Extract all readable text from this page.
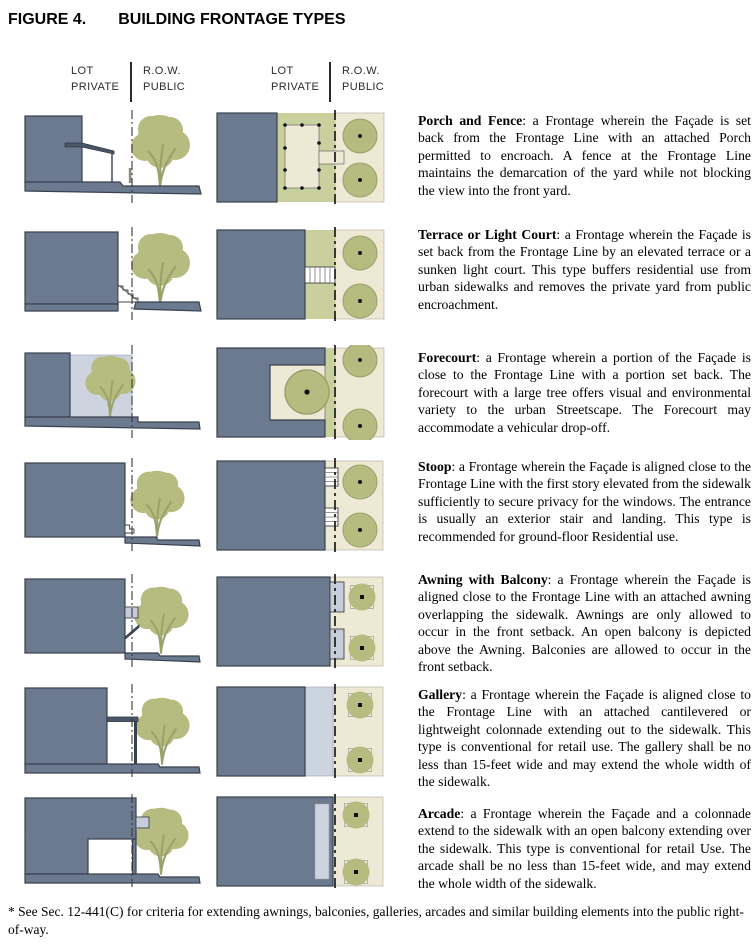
FIGURE 4. BUILDING FRONTAGE TYPES
LOT
PRIVATE
R.O.W.
PUBLIC
LOT
PRIVATE
R.O.W.
PUBLIC

Porch and Fence: a Frontage wherein the Façade is set back from the Frontage Line with an attached Porch permitted to encroach. A fence at the Frontage Line maintains the demarcation of the yard while not blocking the view into the front yard.

Terrace or Light Court: a Frontage wherein the Façade is set back from the Frontage Line by an elevated terrace or a sunken light court. This type buffers residential use from urban sidewalks and removes the private yard from public encroachment.

Forecourt: a Frontage wherein a portion of the Façade is close to the Frontage Line with a portion set back. The forecourt with a large tree offers visual and environmental variety to the urban Streetscape. The Forecourt may accommodate a vehicular drop-off.

Stoop: a Frontage wherein the Façade is aligned close to the Frontage Line with the first story elevated from the sidewalk sufficiently to secure privacy for the windows. The entrance is usually an exterior stair and landing. This type is recommended for ground-floor Residential use.

Awning with Balcony: a Frontage wherein the Façade is aligned close to the Frontage Line with an attached awning overlapping the sidewalk. Awnings are only allowed to occur in the front setback. An open balcony is depicted above the Awning. Balconies are allowed to occur in the front setback.

Gallery: a Frontage wherein the Façade is aligned close to the Frontage Line with an attached cantilevered or lightweight colonnade extending out to the sidewalk. This type is conventional for retail use. The gallery shall be no less than 15-feet wide and may extend the whole width of the sidewalk.

Arcade: a Frontage wherein the Façade and a colonnade extend to the sidewalk with an open balcony extending over the sidewalk. This type is conventional for retail Use. The arcade shall be no less than 15-feet wide, and may extend the whole width of the sidewalk.

* See Sec. 12-441(C) for criteria for extending awnings, balconies, galleries, arcades and similar building elements into the public right-of-way.
